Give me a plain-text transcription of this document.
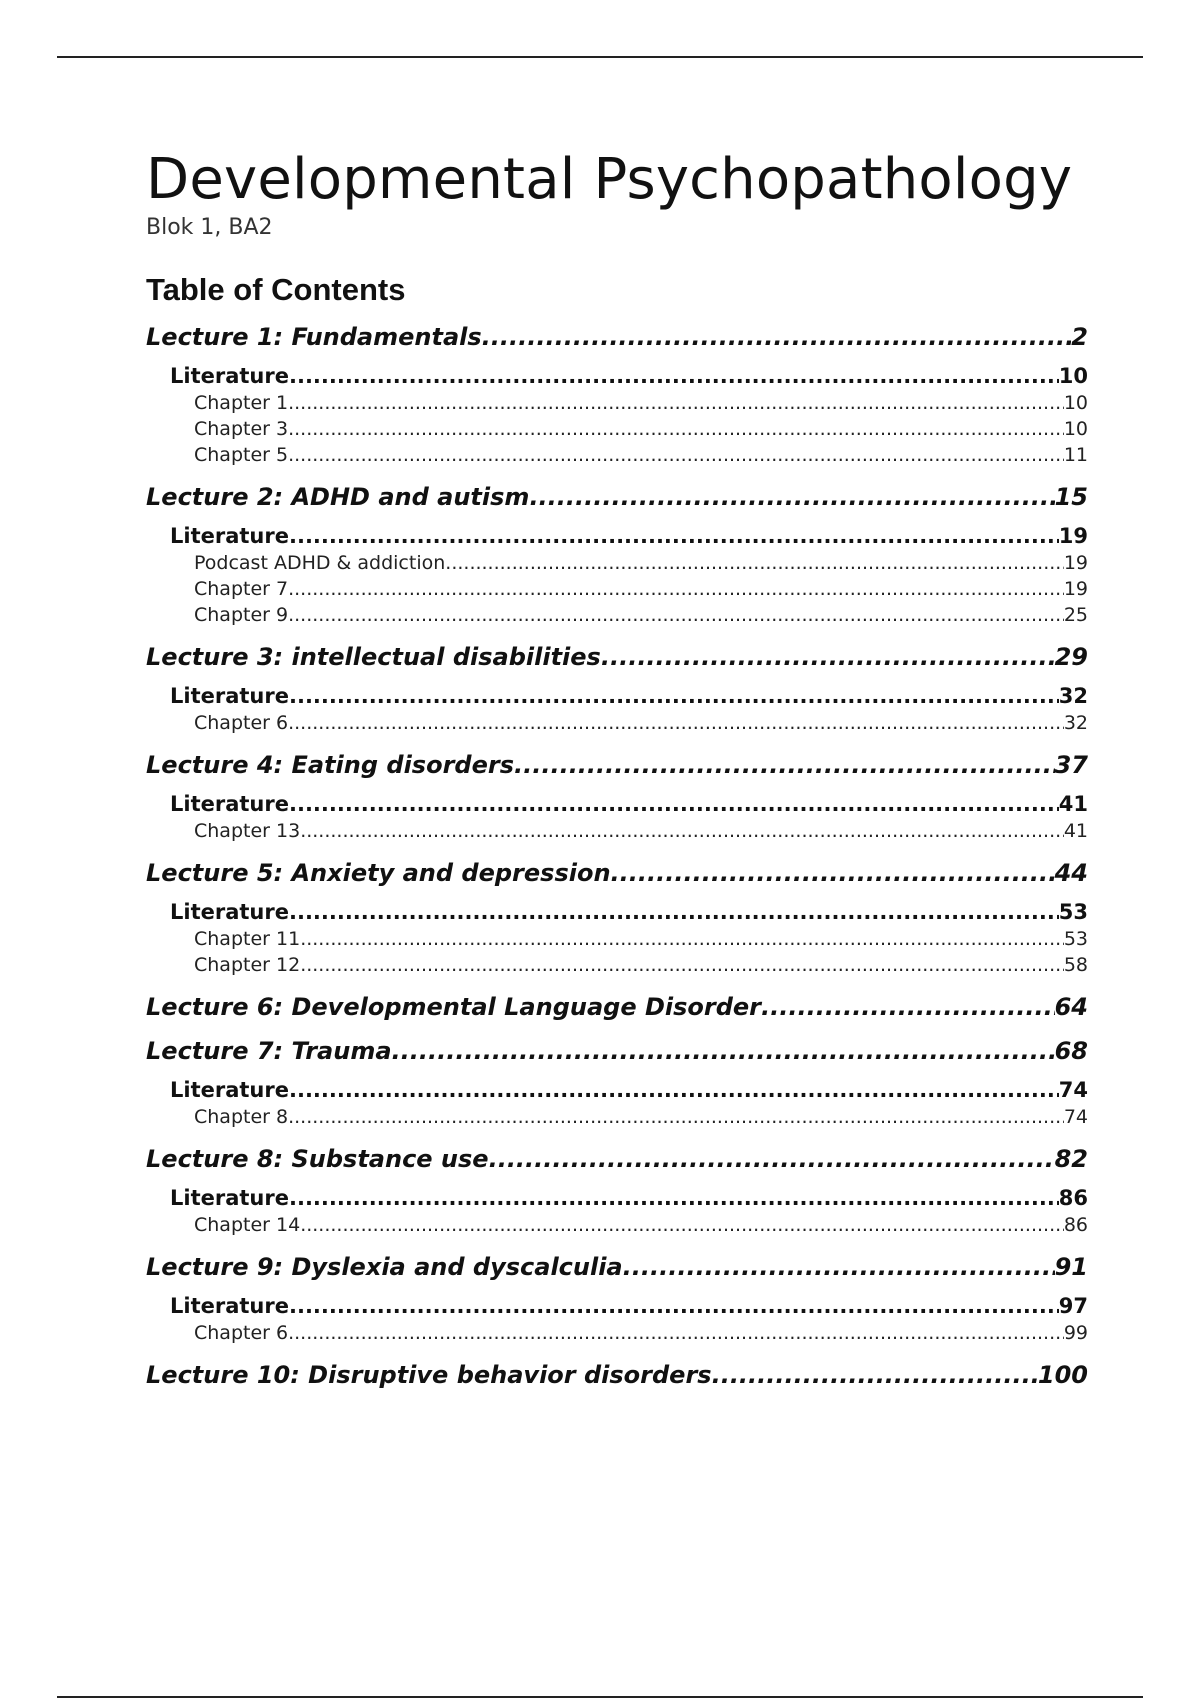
Developmental Psychopathology
Blok 1, BA2
Table of Contents
Lecture 1: Fundamentals .....	2
Literature .....	10
Chapter 1 .....	10
Chapter 3 .....	10
Chapter 5 .....	11
Lecture 2: ADHD and autism .....	15
Literature .....	19
Podcast ADHD & addiction .....	19
Chapter 7 .....	19
Chapter 9 .....	25
Lecture 3: intellectual disabilities .....	29
Literature .....	32
Chapter 6 .....	32
Lecture 4: Eating disorders .....	37
Literature .....	41
Chapter 13 .....	41
Lecture 5: Anxiety and depression .....	44
Literature .....	53
Chapter 11 .....	53
Chapter 12 .....	58
Lecture 6: Developmental Language Disorder .....	64
Lecture 7: Trauma .....	68
Literature .....	74
Chapter 8 .....	74
Lecture 8: Substance use .....	82
Literature .....	86
Chapter 14 .....	86
Lecture 9: Dyslexia and dyscalculia .....	91
Literature .....	97
Chapter 6 .....	99
Lecture 10: Disruptive behavior disorders .....	100
